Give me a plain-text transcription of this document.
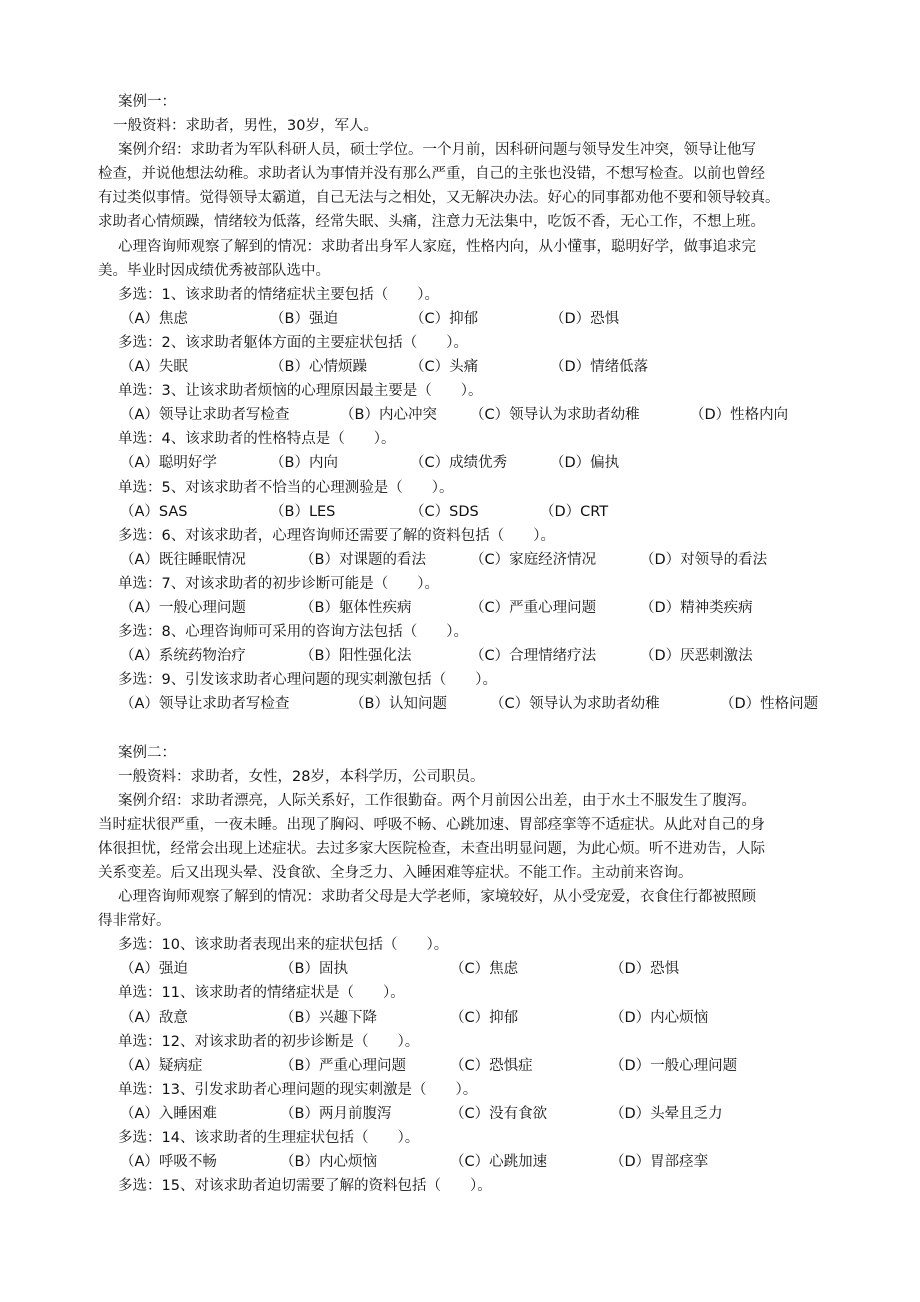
案例一：
一般资料：求助者，男性，30岁，军人。
案例介绍：求助者为军队科研人员，硕士学位。一个月前，因科研问题与领导发生冲突，领导让他写
检查，并说他想法幼稚。求助者认为事情并没有那么严重，自己的主张也没错，不想写检查。以前也曾经
有过类似事情。觉得领导太霸道，自己无法与之相处，又无解决办法。好心的同事都劝他不要和领导较真。
求助者心情烦躁，情绪较为低落，经常失眠、头痛，注意力无法集中，吃饭不香，无心工作，不想上班。
心理咨询师观察了解到的情况：求助者出身军人家庭，性格内向，从小懂事，聪明好学，做事追求完
美。毕业时因成绩优秀被部队选中。
多选：1、该求助者的情绪症状主要包括（　　）。
（A）焦虑	（B）强迫	（C）抑郁	（D）恐惧
多选：2、该求助者躯体方面的主要症状包括（　　）。
（A）失眠	（B）心情烦躁	（C）头痛	（D）情绪低落
单选：3、让该求助者烦恼的心理原因最主要是（　　）。
（A）领导让求助者写检查	（B）内心冲突 （C）领导认为求助者幼稚	（D）性格内向
单选：4、该求助者的性格特点是（　　）。
（A）聪明好学	（B）内向	（C）成绩优秀	（D）偏执
单选：5、对该求助者不恰当的心理测验是（　　）。
（A）SAS	（B）LES	（C）SDS	（D）CRT
多选：6、对该求助者，心理咨询师还需要了解的资料包括（　　）。
（A）既往睡眠情况	（B）对课题的看法	（C）家庭经济情况	（D）对领导的看法
单选：7、对该求助者的初步诊断可能是（　　）。
（A）一般心理问题	（B）躯体性疾病	（C）严重心理问题	（D）精神类疾病
多选：8、心理咨询师可采用的咨询方法包括（　　）。
（A）系统药物治疗	（B）阳性强化法	（C）合理情绪疗法	（D）厌恶刺激法
多选：9、引发该求助者心理问题的现实刺激包括（　　）。
（A）领导让求助者写检查	（B）认知问题	（C）领导认为求助者幼稚	（D）性格问题
案例二：
一般资料：求助者，女性，28岁，本科学历，公司职员。
案例介绍：求助者漂亮，人际关系好，工作很勤奋。两个月前因公出差，由于水土不服发生了腹泻。
当时症状很严重，一夜未睡。出现了胸闷、呼吸不畅、心跳加速、胃部痉挛等不适症状。从此对自己的身
体很担忧，经常会出现上述症状。去过多家大医院检查，未查出明显问题，为此心烦。听不进劝告，人际
关系变差。后又出现头晕、没食欲、全身乏力、入睡困难等症状。不能工作。主动前来咨询。
心理咨询师观察了解到的情况：求助者父母是大学老师，家境较好，从小受宠爱，衣食住行都被照顾
得非常好。
多选：10、该求助者表现出来的症状包括（　　）。
（A）强迫	（B）固执	（C）焦虑	（D）恐惧
单选：11、该求助者的情绪症状是（　　）。
（A）敌意	（B）兴趣下降	（C）抑郁	（D）内心烦恼
单选：12、对该求助者的初步诊断是（　　）。
（A）疑病症	（B）严重心理问题	（C）恐惧症	（D）一般心理问题
单选：13、引发求助者心理问题的现实刺激是（　　）。
（A）入睡困难	（B）两月前腹泻	（C）没有食欲	（D）头晕且乏力
多选：14、该求助者的生理症状包括（　　）。
（A）呼吸不畅	（B）内心烦恼	（C）心跳加速	（D）胃部痉挛
多选：15、对该求助者迫切需要了解的资料包括（　　）。
